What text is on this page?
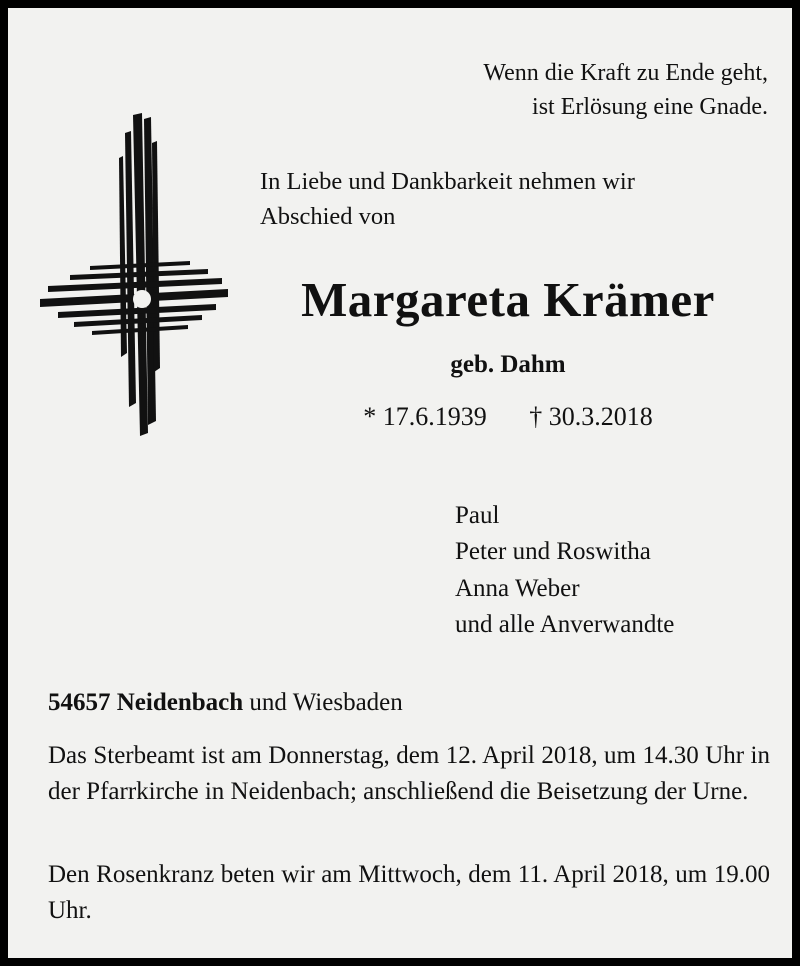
Wenn die Kraft zu Ende geht,
ist Erlösung eine Gnade.
In Liebe und Dankbarkeit nehmen wir
Abschied von
Margareta Krämer
geb. Dahm
* 17.6.1939 † 30.3.2018
Paul
Peter und Roswitha
Anna Weber
und alle Anverwandte
54657 Neidenbach und Wiesbaden

Das Sterbeamt ist am Donnerstag, dem 12. April 2018, um 14.30 Uhr in der Pfarrkirche in Neidenbach; anschließend die Beisetzung der Urne.

Den Rosenkranz beten wir am Mittwoch, dem 11. April 2018, um 19.00 Uhr.
